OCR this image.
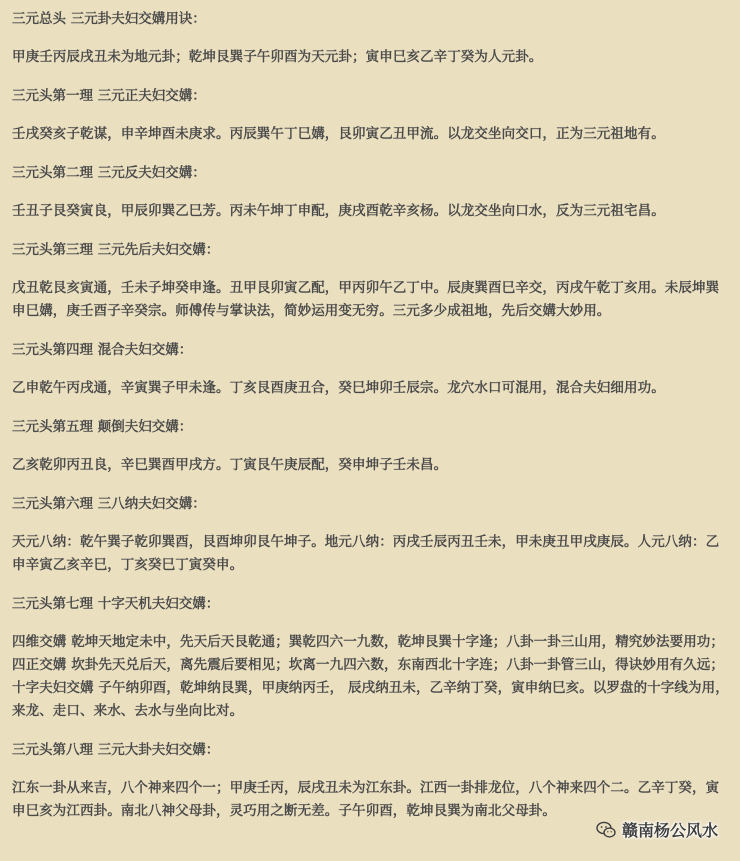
三元总头 三元卦夫妇交媾用诀：

甲庚壬丙辰戌丑未为地元卦；乾坤艮巽子午卯酉为天元卦；寅申巳亥乙辛丁癸为人元卦。

三元头第一理 三元正夫妇交媾：

壬戌癸亥子乾谋，申辛坤酉未庚求。丙辰巽午丁巳媾，艮卯寅乙丑甲流。以龙交坐向交口，正为三元祖地有。

三元头第二理 三元反夫妇交媾：

壬丑子艮癸寅良，甲辰卯巽乙巳芳。丙未午坤丁申配，庚戌酉乾辛亥杨。以龙交坐向口水，反为三元祖宅昌。

三元头第三理 三元先后夫妇交媾：

戊丑乾艮亥寅通，壬未子坤癸申逢。丑甲艮卯寅乙配，甲丙卯午乙丁中。辰庚巽酉巳辛交，丙戌午乾丁亥用。未辰坤巽申巳媾，庚壬酉子辛癸宗。师傅传与掌诀法，简妙运用变无穷。三元多少成祖地，先后交媾大妙用。

三元头第四理 混合夫妇交媾：

乙申乾午丙戌通，辛寅巽子甲未逢。丁亥艮酉庚丑合，癸巳坤卯壬辰宗。龙穴水口可混用，混合夫妇细用功。

三元头第五理 颠倒夫妇交媾：

乙亥乾卯丙丑良，辛巳巽酉甲戌方。丁寅艮午庚辰配，癸申坤子壬未昌。

三元头第六理 三八纳夫妇交媾：

天元八纳：乾午巽子乾卯巽酉，艮酉坤卯艮午坤子。地元八纳：丙戌壬辰丙丑壬未，甲未庚丑甲戌庚辰。人元八纳：乙申辛寅乙亥辛巳，丁亥癸巳丁寅癸申。

三元头第七理 十字天机夫妇交媾：

四维交媾 乾坤天地定未中，先天后天艮乾通；巽乾四六一九数，乾坤艮巽十字逢；八卦一卦三山用，精究妙法要用功；四正交媾 坎卦先天兑后天，离先震后要相见；坎离一九四六数，东南西北十字连；八卦一卦管三山，得诀妙用有久远；十字夫妇交媾 子午纳卯酉，乾坤纳艮巽，甲庚纳丙壬， 辰戌纳丑未，乙辛纳丁癸，寅申纳巳亥。以罗盘的十字线为用，来龙、走口、来水、去水与坐向比对。

三元头第八理 三元大卦夫妇交媾：

江东一卦从来吉，八个神来四个一；甲庚壬丙，辰戌丑未为江东卦。江西一卦排龙位，八个神来四个二。乙辛丁癸，寅申巳亥为江西卦。南北八神父母卦，灵巧用之断无差。子午卯酉，乾坤艮巽为南北父母卦。

赣南杨公风水
